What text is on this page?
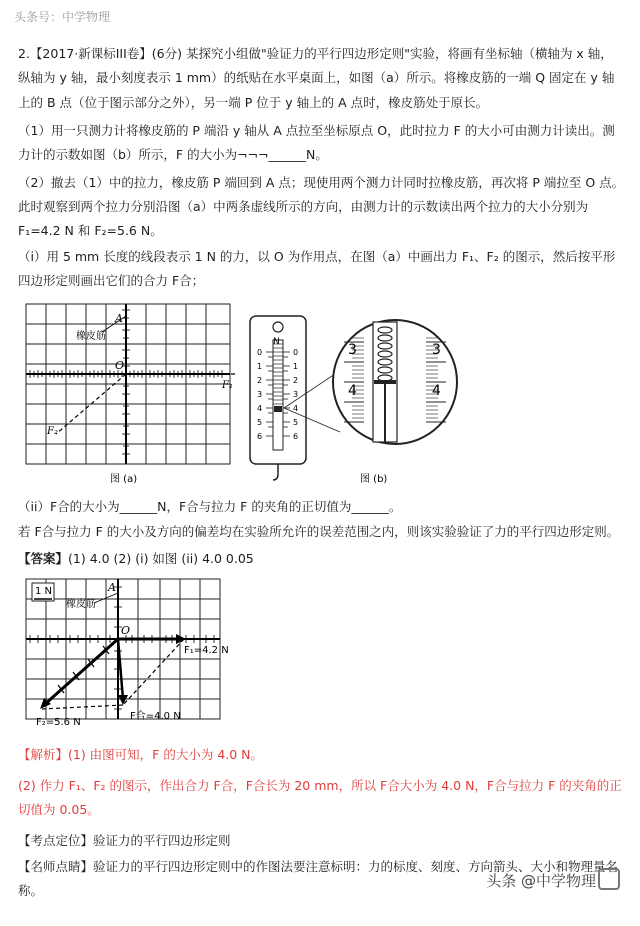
头条号：中学物理
2.【2017·新课标III卷】(6分) 某探究小组做"验证力的平行四边形定则"实验，将画有坐标轴（横轴为 x 轴，
纵轴为 y 轴，最小刻度表示 1 mm）的纸贴在水平桌面上，如图（a）所示。将橡皮筋的一端 Q 固定在 y 轴
上的 B 点（位于图示部分之外），另一端 P 位于 y 轴上的 A 点时，橡皮筋处于原长。
（1）用一只测力计将橡皮筋的 P 端沿 y 轴从 A 点拉至坐标原点 O，此时拉力 F 的大小可由测力计读出。测
力计的示数如图（b）所示，F 的大小为¬¬¬______N。
（2）撤去（1）中的拉力，橡皮筋 P 端回到 A 点；现使用两个测力计同时拉橡皮筋，再次将 P 端拉至 O 点。
此时观察到两个拉力分别沿图（a）中两条虚线所示的方向，由测力计的示数读出两个拉力的大小分别为
F₁=4.2 N 和 F₂=5.6 N。
（i）用 5 mm 长度的线段表示 1 N 的力，以 O 为作用点，在图（a）中画出力 F₁、F₂ 的图示，然后按平形
四边形定则画出它们的合力 F合；
A
橡皮筋
O
F₁
F₂
图 (a)
N
0
1
2
3
4
5
6
0
1
2
3
4
5
6
3
4
3
4
图 (b)
（ii）F合的大小为______N，F合与拉力 F 的夹角的正切值为______。
若 F合与拉力 F 的大小及方向的偏差均在实验所允许的误差范围之内，则该实验验证了力的平行四边形定则。
【答案】(1) 4.0 (2) (i) 如图 (ii) 4.0 0.05
1 N	A
橡皮筋
O
F₁=4.2 N
F₂=5.6 N
F合=4.0 N
【解析】(1) 由图可知，F 的大小为 4.0 N。
(2) 作力 F₁、F₂ 的图示，作出合力 F合，F合长为 20 mm，所以 F合大小为 4.0 N，F合与拉力 F 的夹角的正
切值为 0.05。
【考点定位】验证力的平行四边形定则
【名师点睛】验证力的平行四边形定则中的作图法要注意标明：力的标度、刻度、方向箭头、大小和物理量名
称。
头条 @中学物理
